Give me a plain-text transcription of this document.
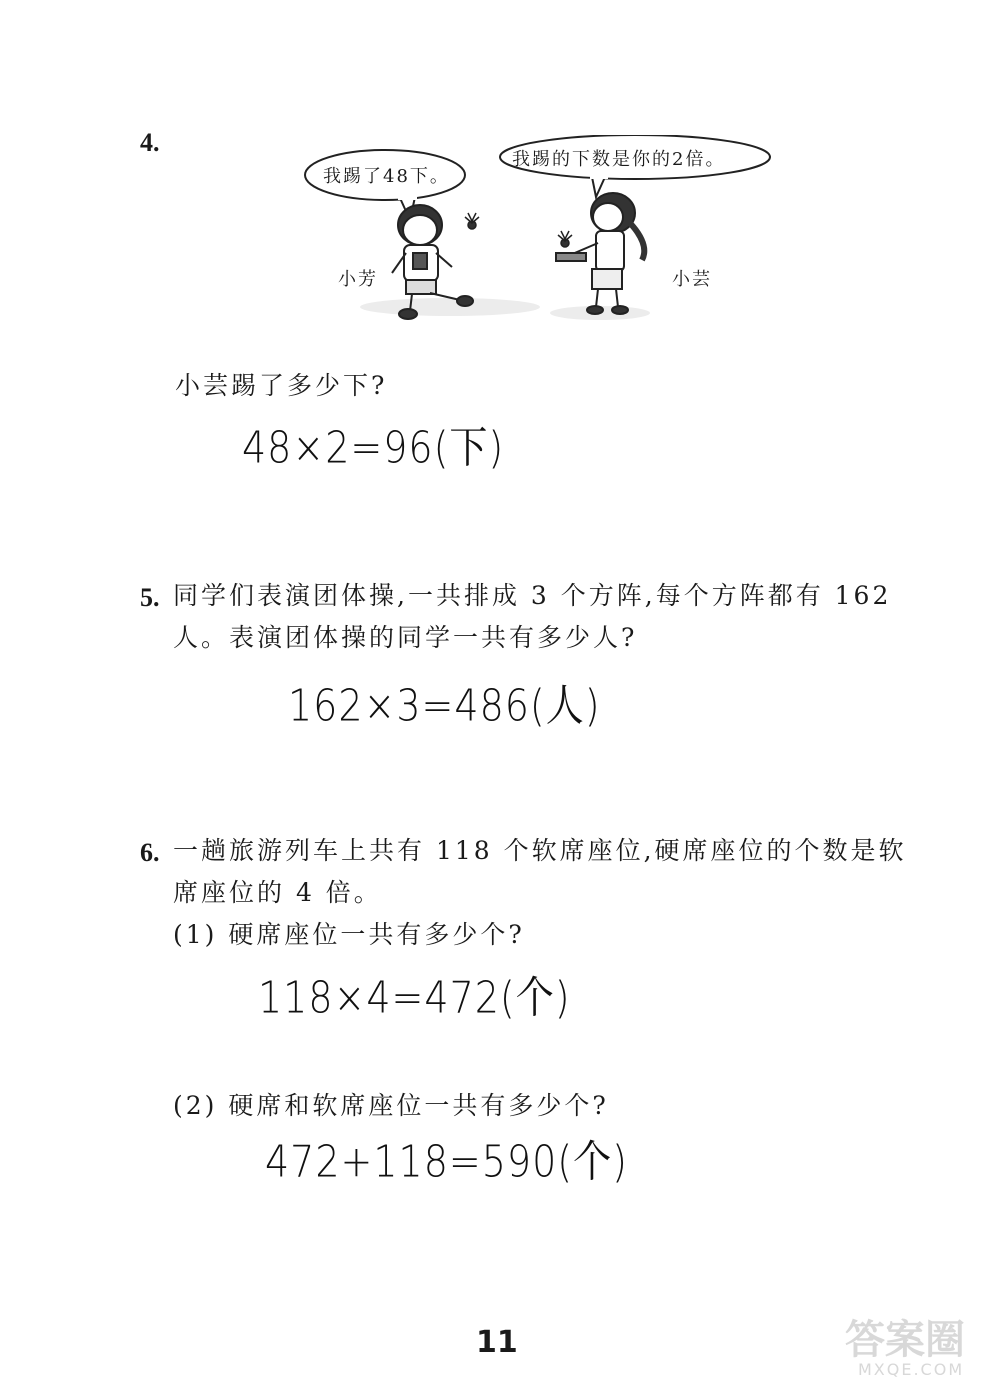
4.
我踢了48下。
我踢的下数是你的2倍。
小芳	小芸
小芸踢了多少下?
48×2=96(下)
5. 同学们表演团体操,一共排成 3 个方阵,每个方阵都有 162
人。表演团体操的同学一共有多少人?
162×3=486(人)
6. 一趟旅游列车上共有 118 个软席座位,硬席座位的个数是软
席座位的 4 倍。
(1) 硬席座位一共有多少个?
118×4=472(个)
(2) 硬席和软席座位一共有多少个?
472+118=590(个)
11	答案圈
MXQE.COM
